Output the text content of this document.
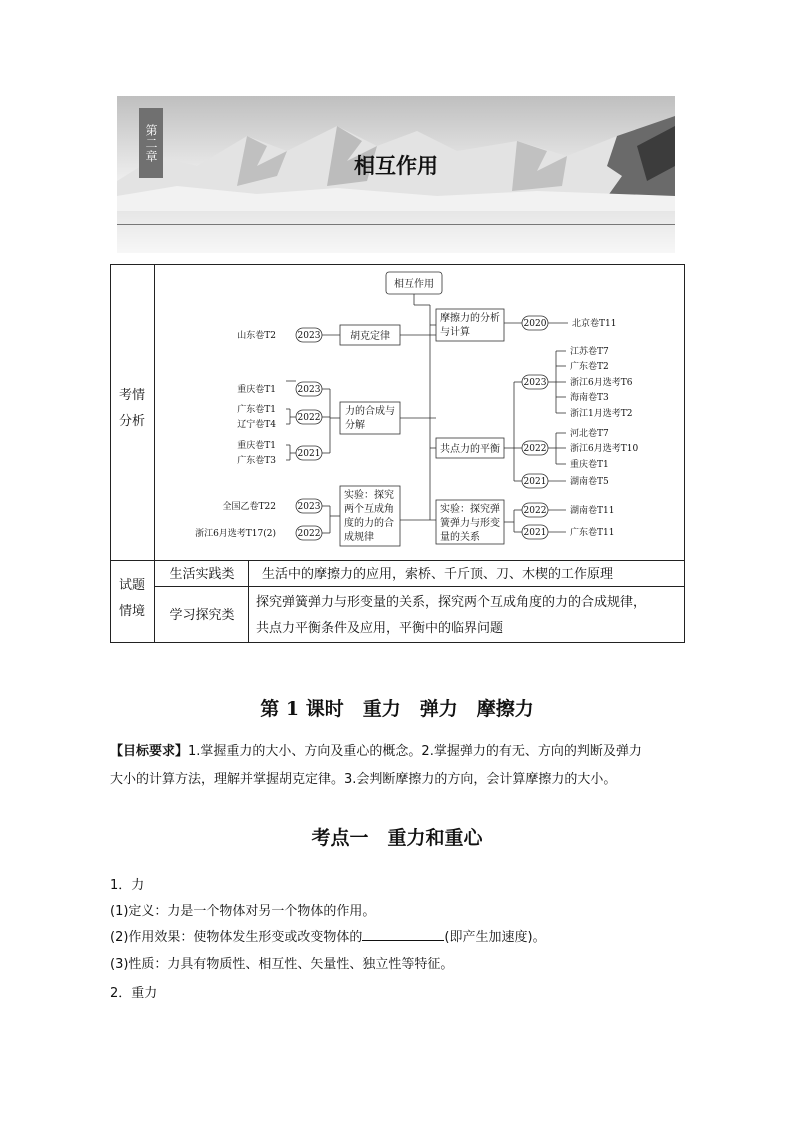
第二章
相互作用
考情分析
试题情境
生活实践类	生活中的摩擦力的应用，索桥、千斤顶、刀、木楔的工作原理
学习探究类
探究弹簧弹力与形变量的关系，探究两个互成角度的力的合成规律，
共点力平衡条件及应用，平衡中的临界问题
相互作用
胡克定律
力的合成与
分解
实验：探究
两个互成角
度的力的合
成规律
摩擦力的分析
与计算
共点力的平衡
实验：探究弹
簧弹力与形变
量的关系
2023
2023
2022
2021
2023
2022
山东卷T2
重庆卷T1
广东卷T1
辽宁卷T4
重庆卷T1
广东卷T3
全国乙卷T22
浙江6月选考T17(2)
2020
2023
2022
2021
2022
2021
北京卷T11
江苏卷T7
广东卷T2
浙江6月选考T6
海南卷T3
浙江1月选考T2
河北卷T7
浙江6月选考T10
重庆卷T1
湖南卷T5
湖南卷T11
广东卷T11
第 1 课时　重力　弹力　摩擦力
【目标要求】1.掌握重力的大小、方向及重心的概念。2.掌握弹力的有无、方向的判断及弹力
大小的计算方法，理解并掌握胡克定律。3.会判断摩擦力的方向，会计算摩擦力的大小。
考点一　重力和重心
1．力
(1)定义：力是一个物体对另一个物体的作用。
(2)作用效果：使物体发生形变或改变物体的	(即产生加速度)。
(3)性质：力具有物质性、相互性、矢量性、独立性等特征。
2．重力
